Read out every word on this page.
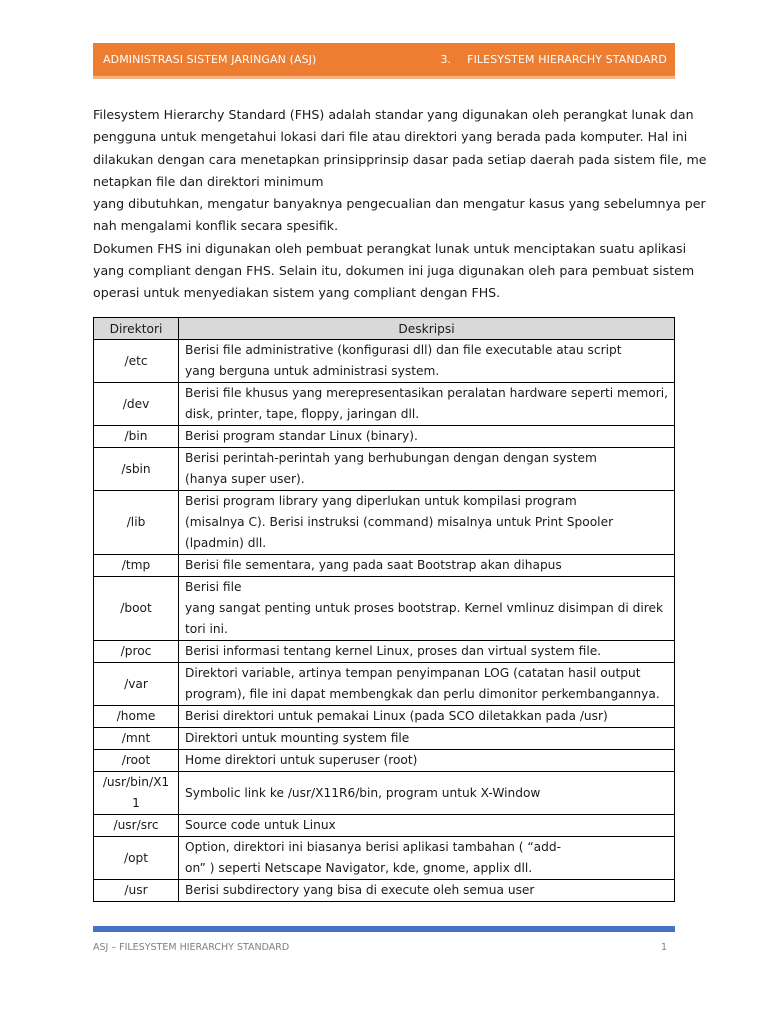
ADMINISTRASI SISTEM JARINGAN (ASJ)	3. FILESYSTEM HIERARCHY STANDARD

Filesystem Hierarchy Standard (FHS) adalah standar yang digunakan oleh perangkat lunak dan

pengguna untuk mengetahui lokasi dari file atau direktori yang berada pada komputer. Hal ini

dilakukan dengan cara menetapkan prinsipprinsip dasar pada setiap daerah pada sistem file, me

netapkan file dan direktori minimum

yang dibutuhkan, mengatur banyaknya pengecualian dan mengatur kasus yang sebelumnya per

nah mengalami konflik secara spesifik.

Dokumen FHS ini digunakan oleh pembuat perangkat lunak untuk menciptakan suatu aplikasi

yang compliant dengan FHS. Selain itu, dokumen ini juga digunakan oleh para pembuat sistem

operasi untuk menyediakan sistem yang compliant dengan FHS.

Direktori	Deskripsi

/etc	Berisi file administrative (konfigurasi dll) dan file executable atau script
yang berguna untuk administrasi system.

/dev	Berisi file khusus yang merepresentasikan peralatan hardware seperti memori,
disk, printer, tape, floppy, jaringan dll.

/bin	Berisi program standar Linux (binary).

/sbin	Berisi perintah-perintah yang berhubungan dengan dengan system
(hanya super user).

/lib	Berisi program library yang diperlukan untuk kompilasi program
(misalnya C). Berisi instruksi (command) misalnya untuk Print Spooler
(lpadmin) dll.

/tmp	Berisi file sementara, yang pada saat Bootstrap akan dihapus

/boot	Berisi file
yang sangat penting untuk proses bootstrap. Kernel vmlinuz disimpan di direk
tori ini.

/proc	Berisi informasi tentang kernel Linux, proses dan virtual system file.

/var	Direktori variable, artinya tempan penyimpanan LOG (catatan hasil output
program), file ini dapat membengkak dan perlu dimonitor perkembangannya.

/home	Berisi direktori untuk pemakai Linux (pada SCO diletakkan pada /usr)

/mnt	Direktori untuk mounting system file

/root	Home direktori untuk superuser (root)

/usr/bin/X1
1	Symbolic link ke /usr/X11R6/bin, program untuk X-Window

/usr/src	Source code untuk Linux

/opt	Option, direktori ini biasanya berisi aplikasi tambahan ( “add-
on” ) seperti Netscape Navigator, kde, gnome, applix dll.

/usr	Berisi subdirectory yang bisa di execute oleh semua user
ASJ – FILESYSTEM HIERARCHY STANDARD	1
